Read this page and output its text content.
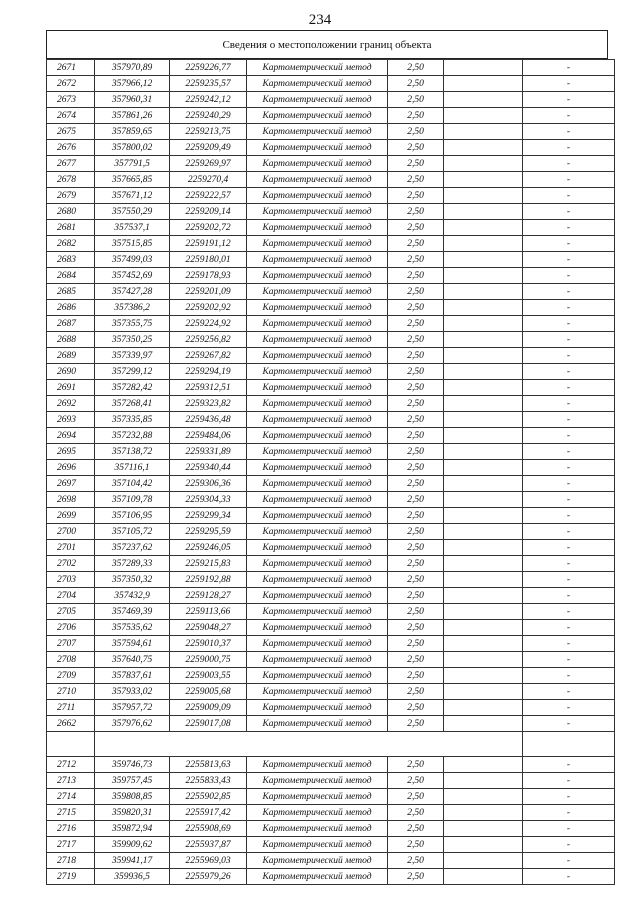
234
Сведения о местоположении границ объекта
2671	357970,89	2259226,77	Картометрический метод	2,50		-
2672	357966,12	2259235,57	Картометрический метод	2,50		-
2673	357960,31	2259242,12	Картометрический метод	2,50		-
2674	357861,26	2259240,29	Картометрический метод	2,50		-
2675	357859,65	2259213,75	Картометрический метод	2,50		-
2676	357800,02	2259209,49	Картометрический метод	2,50		-
2677	357791,5	2259269,97	Картометрический метод	2,50		-
2678	357665,85	2259270,4	Картометрический метод	2,50		-
2679	357671,12	2259222,57	Картометрический метод	2,50		-
2680	357550,29	2259209,14	Картометрический метод	2,50		-
2681	357537,1	2259202,72	Картометрический метод	2,50		-
2682	357515,85	2259191,12	Картометрический метод	2,50		-
2683	357499,03	2259180,01	Картометрический метод	2,50		-
2684	357452,69	2259178,93	Картометрический метод	2,50		-
2685	357427,28	2259201,09	Картометрический метод	2,50		-
2686	357386,2	2259202,92	Картометрический метод	2,50		-
2687	357355,75	2259224,92	Картометрический метод	2,50		-
2688	357350,25	2259256,82	Картометрический метод	2,50		-
2689	357339,97	2259267,82	Картометрический метод	2,50		-
2690	357299,12	2259294,19	Картометрический метод	2,50		-
2691	357282,42	2259312,51	Картометрический метод	2,50		-
2692	357268,41	2259323,82	Картометрический метод	2,50		-
2693	357335,85	2259436,48	Картометрический метод	2,50		-
2694	357232,88	2259484,06	Картометрический метод	2,50		-
2695	357138,72	2259331,89	Картометрический метод	2,50		-
2696	357116,1	2259340,44	Картометрический метод	2,50		-
2697	357104,42	2259306,36	Картометрический метод	2,50		-
2698	357109,78	2259304,33	Картометрический метод	2,50		-
2699	357106,95	2259299,34	Картометрический метод	2,50		-
2700	357105,72	2259295,59	Картометрический метод	2,50		-
2701	357237,62	2259246,05	Картометрический метод	2,50		-
2702	357289,33	2259215,83	Картометрический метод	2,50		-
2703	357350,32	2259192,88	Картометрический метод	2,50		-
2704	357432,9	2259128,27	Картометрический метод	2,50		-
2705	357469,39	2259113,66	Картометрический метод	2,50		-
2706	357535,62	2259048,27	Картометрический метод	2,50		-
2707	357594,61	2259010,37	Картометрический метод	2,50		-
2708	357640,75	2259000,75	Картометрический метод	2,50		-
2709	357837,61	2259003,55	Картометрический метод	2,50		-
2710	357933,02	2259005,68	Картометрический метод	2,50		-
2711	357957,72	2259009,09	Картометрический метод	2,50		-
2662	357976,62	2259017,08	Картометрический метод	2,50		-

2712	359746,73	2255813,63	Картометрический метод	2,50		-
2713	359757,45	2255833,43	Картометрический метод	2,50		-
2714	359808,85	2255902,85	Картометрический метод	2,50		-
2715	359820,31	2255917,42	Картометрический метод	2,50		-
2716	359872,94	2255908,69	Картометрический метод	2,50		-
2717	359909,62	2255937,87	Картометрический метод	2,50		-
2718	359941,17	2255969,03	Картометрический метод	2,50		-
2719	359936,5	2255979,26	Картометрический метод	2,50		-
